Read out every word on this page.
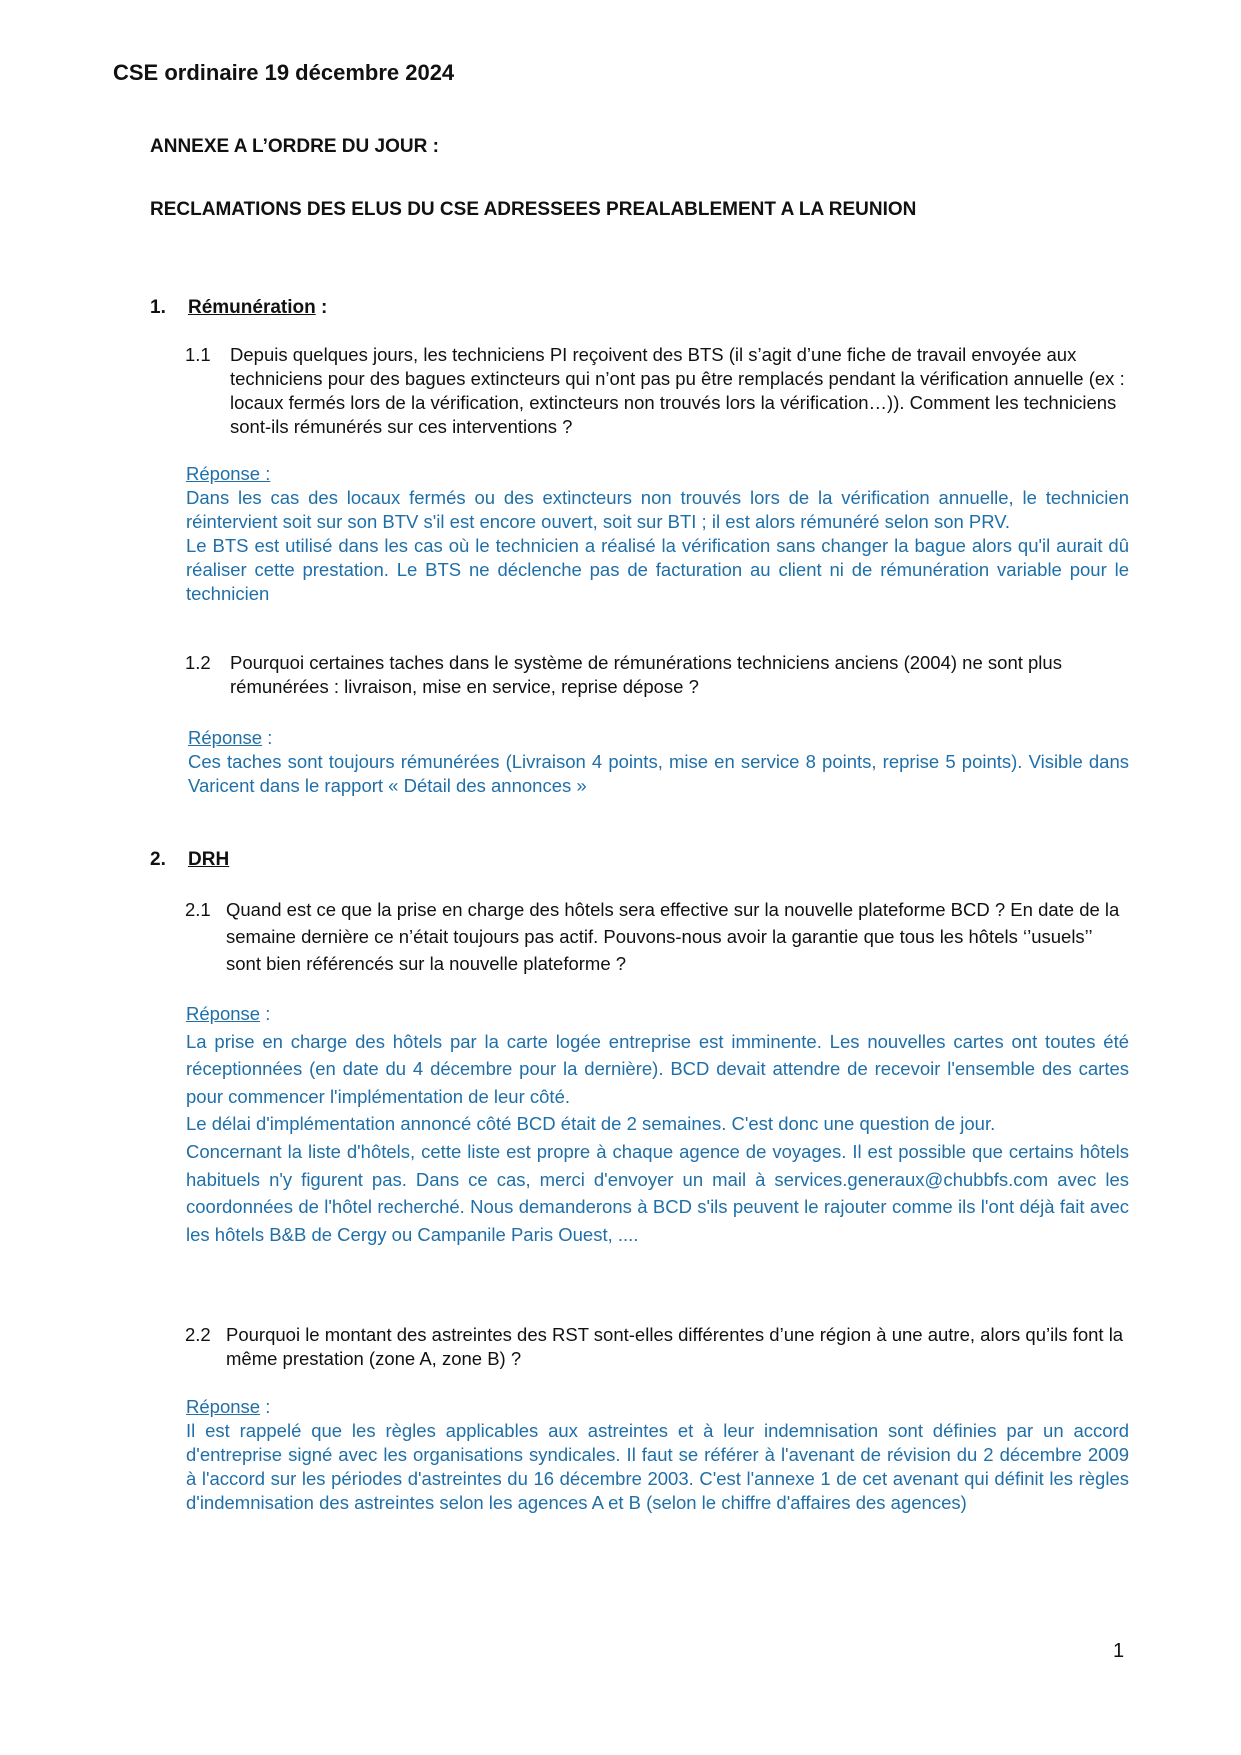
CSE ordinaire 19 décembre 2024
ANNEXE A L’ORDRE DU JOUR :
RECLAMATIONS DES ELUS DU CSE ADRESSEES PREALABLEMENT A LA REUNION
1. Rémunération :
1.1	Depuis quelques jours, les techniciens PI reçoivent des BTS (il s’agit d’une fiche de travail envoyée aux techniciens pour des bagues extincteurs qui n’ont pas pu être remplacés pendant la vérification annuelle (ex : locaux fermés lors de la vérification, extincteurs non trouvés lors la vérification…)). Comment les techniciens sont-ils rémunérés sur ces interventions ?

Réponse :

Dans les cas des locaux fermés ou des extincteurs non trouvés lors de la vérification annuelle, le technicien réintervient soit sur son BTV s'il est encore ouvert, soit sur BTI ; il est alors rémunéré selon son PRV.

Le BTS est utilisé dans les cas où le technicien a réalisé la vérification sans changer la bague alors qu'il aurait dû réaliser cette prestation. Le BTS ne déclenche pas de facturation au client ni de rémunération variable pour le technicien

1.2	Pourquoi certaines taches dans le système de rémunérations techniciens anciens (2004) ne sont plus rémunérées : livraison, mise en service, reprise dépose ?

Réponse :

Ces taches sont toujours rémunérées (Livraison 4 points, mise en service 8 points, reprise 5 points). Visible dans Varicent dans le rapport « Détail des annonces »

2. DRH
2.1 Quand est ce que la prise en charge des hôtels sera effective sur la nouvelle plateforme BCD ? En date de la semaine dernière ce n’était toujours pas actif. Pouvons-nous avoir la garantie que tous les hôtels ‘’usuels’’ sont bien référencés sur la nouvelle plateforme ?

Réponse :

La prise en charge des hôtels par la carte logée entreprise est imminente. Les nouvelles cartes ont toutes été réceptionnées (en date du 4 décembre pour la dernière). BCD devait attendre de recevoir l'ensemble des cartes pour commencer l'implémentation de leur côté.

Le délai d'implémentation annoncé côté BCD était de 2 semaines. C'est donc une question de jour.

Concernant la liste d'hôtels, cette liste est propre à chaque agence de voyages. Il est possible que certains hôtels habituels n'y figurent pas. Dans ce cas, merci d'envoyer un mail à services.generaux@chubbfs.com avec les coordonnées de l'hôtel recherché. Nous demanderons à BCD s'ils peuvent le rajouter comme ils l'ont déjà fait avec les hôtels B&B de Cergy ou Campanile Paris Ouest, ....

2.2 Pourquoi le montant des astreintes des RST sont-elles différentes d’une région à une autre, alors qu’ils font la même prestation (zone A, zone B) ?

Réponse :

Il est rappelé que les règles applicables aux astreintes et à leur indemnisation sont définies par un accord d'entreprise signé avec les organisations syndicales. Il faut se référer à l'avenant de révision du 2 décembre 2009 à l'accord sur les périodes d'astreintes du 16 décembre 2003. C'est l'annexe 1 de cet avenant qui définit les règles d'indemnisation des astreintes selon les agences A et B (selon le chiffre d'affaires des agences)

1
